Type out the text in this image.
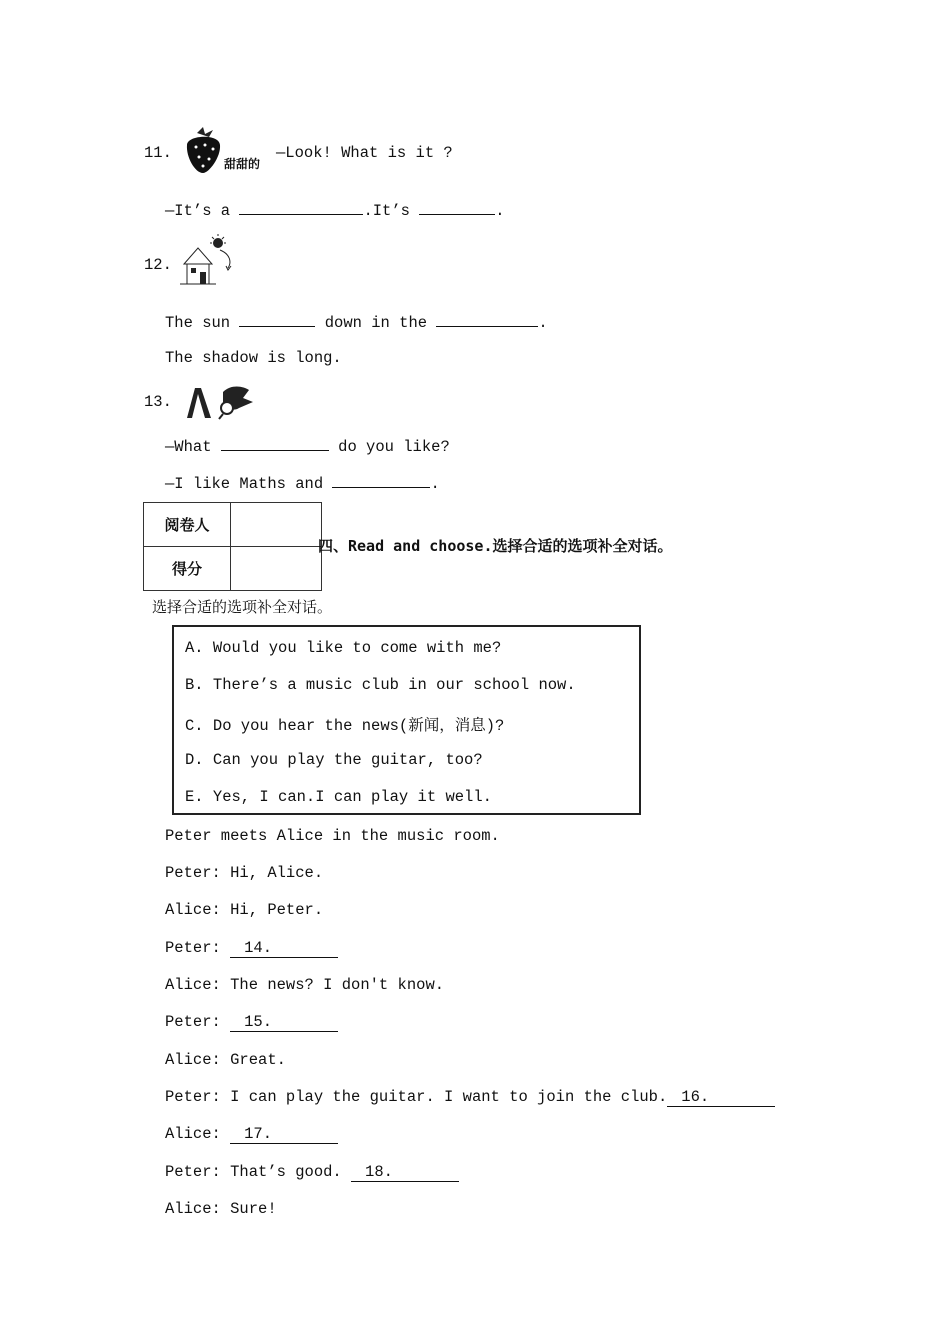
11.
甜甜的
—Look! What is it ?
—It’s a	.It’s	.
12.
The sun	down in the	.
The shadow is long.
13.
—What	do you like?
—I like Maths and	.
阅卷人	
得分	
四、Read and choose.选择合适的选项补全对话。
选择合适的选项补全对话。
A. Would you like to come with me?
B. There’s a music club in our school now.
C. Do you hear the news(新闻，消息)?
D. Can you play the guitar, too?
E. Yes, I can.I can play it well.
Peter meets Alice in the music room.
Peter: Hi, Alice.
Alice: Hi, Peter.
Peter: 14.
Alice: The news? I don't know.
Peter: 15.
Alice: Great.
Peter: I can play the guitar. I want to join the club. 16.
Alice: 17.
Peter: That’s good. 18.
Alice: Sure!
